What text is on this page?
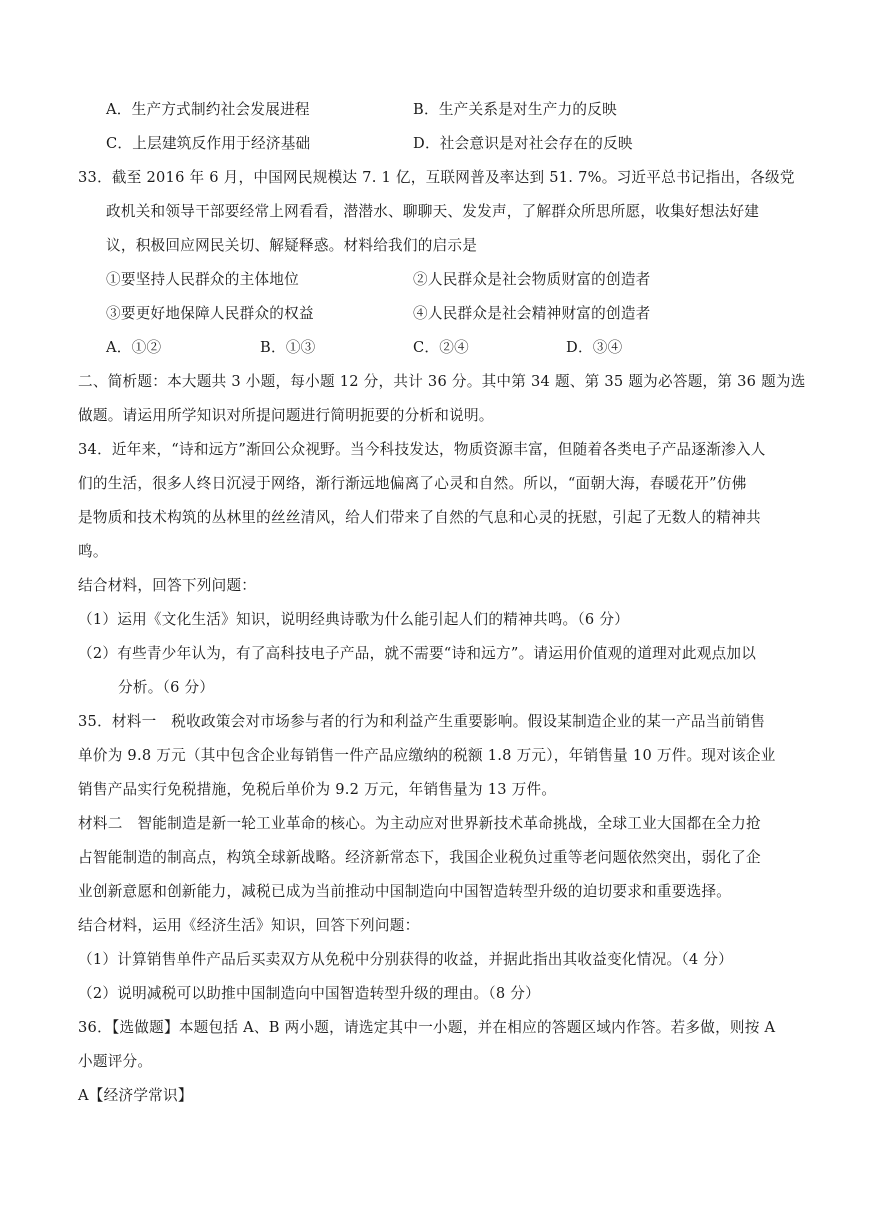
A．生产方式制约社会发展进程	B．生产关系是对生产力的反映
C．上层建筑反作用于经济基础	D．社会意识是对社会存在的反映
33．截至 2016 年 6 月，中国网民规模达 7. 1 亿，互联网普及率达到 51. 7%。习近平总书记指出，各级党
政机关和领导干部要经常上网看看，潜潜水、聊聊天、发发声，了解群众所思所愿，收集好想法好建
议，积极回应网民关切、解疑释惑。材料给我们的启示是
①要坚持人民群众的主体地位	②人民群众是社会物质财富的创造者
③要更好地保障人民群众的权益	④人民群众是社会精神财富的创造者
A．①②	B．①③	C．②④	D．③④
二、简析题：本大题共 3 小题，每小题 12 分，共计 36 分。其中第 34 题、第 35 题为必答题，第 36 题为选
做题。请运用所学知识对所提问题进行简明扼要的分析和说明。
34．近年来，“诗和远方”渐回公众视野。当今科技发达，物质资源丰富，但随着各类电子产品逐渐渗入人
们的生活，很多人终日沉浸于网络，渐行渐远地偏离了心灵和自然。所以，“面朝大海，春暖花开”仿佛
是物质和技术构筑的丛林里的丝丝清风，给人们带来了自然的气息和心灵的抚慰，引起了无数人的精神共
鸣。
结合材料，回答下列问题：
（1）运用《文化生活》知识，说明经典诗歌为什么能引起人们的精神共鸣。（6 分）
（2）有些青少年认为，有了高科技电子产品，就不需要“诗和远方”。请运用价值观的道理对此观点加以
分析。（6 分）
35．材料一　税收政策会对市场参与者的行为和利益产生重要影响。假设某制造企业的某一产品当前销售
单价为 9.8 万元（其中包含企业每销售一件产品应缴纳的税额 1.8 万元），年销售量 10 万件。现对该企业
销售产品实行免税措施，免税后单价为 9.2 万元，年销售量为 13 万件。
材料二　智能制造是新一轮工业革命的核心。为主动应对世界新技术革命挑战，全球工业大国都在全力抢
占智能制造的制高点，构筑全球新战略。经济新常态下，我国企业税负过重等老问题依然突出，弱化了企
业创新意愿和创新能力，减税已成为当前推动中国制造向中国智造转型升级的迫切要求和重要选择。
结合材料，运用《经济生活》知识，回答下列问题：
（1）计算销售单件产品后买卖双方从免税中分别获得的收益，并据此指出其收益变化情况。（4 分）
（2）说明减税可以助推中国制造向中国智造转型升级的理由。（8 分）
36．【选做题】本题包括 A、B 两小题，请选定其中一小题，并在相应的答题区域内作答。若多做，则按 A
小题评分。
A【经济学常识】
